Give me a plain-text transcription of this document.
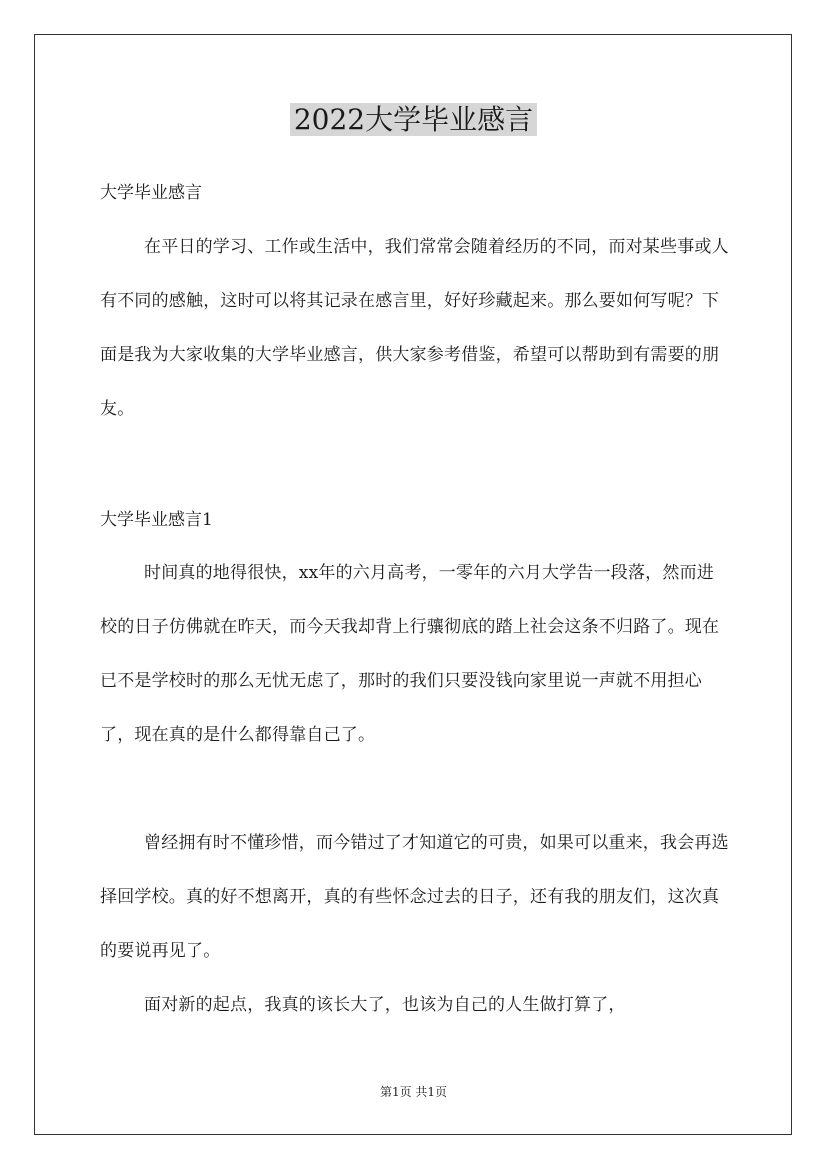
2022大学毕业感言
大学毕业感言
在平日的学习、工作或生活中，我们常常会随着经历的不同，而对某些事或人有不同的感触，这时可以将其记录在感言里，好好珍藏起来。那么要如何写呢？下面是我为大家收集的大学毕业感言，供大家参考借鉴，希望可以帮助到有需要的朋友。
大学毕业感言1
时间真的地得很快，xx年的六月高考，一零年的六月大学告一段落，然而进校的日子仿佛就在昨天，而今天我却背上行骧彻底的踏上社会这条不归路了。现在已不是学校时的那么无忧无虑了，那时的我们只要没钱向家里说一声就不用担心了，现在真的是什么都得靠自己了。
曾经拥有时不懂珍惜，而今错过了才知道它的可贵，如果可以重来，我会再选择回学校。真的好不想离开，真的有些怀念过去的日子，还有我的朋友们，这次真的要说再见了。
面对新的起点，我真的该长大了，也该为自己的人生做打算了，
第1页 共1页
